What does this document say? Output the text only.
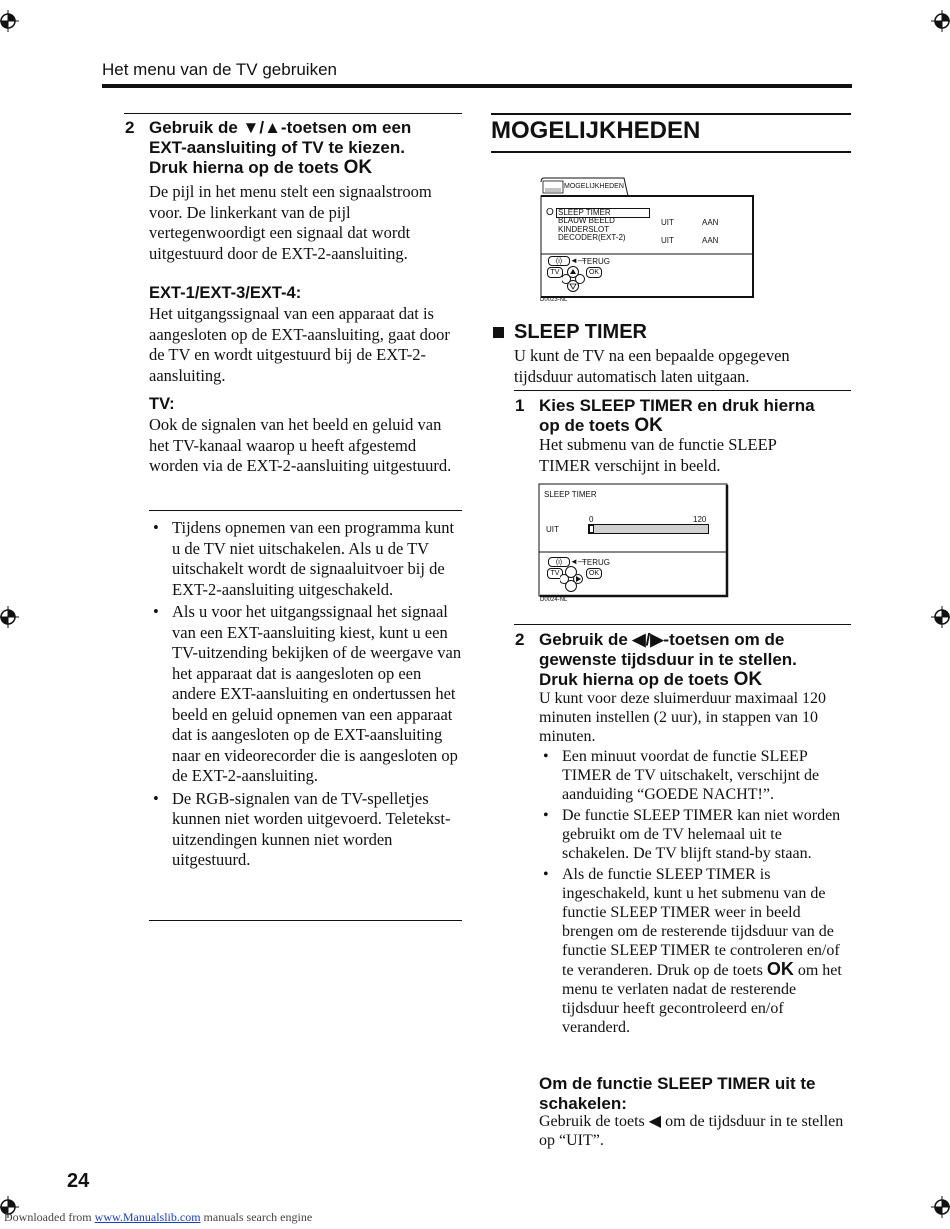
Het menu van de TV gebruiken
2 Gebruik de ▼/▲-toetsen om een
EXT-aansluiting of TV te kiezen.
Druk hierna op de toets OK
De pijl in het menu stelt een signaalstroom voor. De linkerkant van de pijl vertegenwoordigt een signaal dat wordt uitgestuurd door de EXT-2-aansluiting.
EXT-1/EXT-3/EXT-4:
Het uitgangssignaal van een apparaat dat is aangesloten op de EXT-aansluiting, gaat door de TV en wordt uitgestuurd bij de EXT-2-aansluiting.
TV:
Ook de signalen van het beeld en geluid van het TV-kanaal waarop u heeft afgestemd worden via de EXT-2-aansluiting uitgestuurd.
• Tijdens opnemen van een programma kunt u de TV niet uitschakelen. Als u de TV uitschakelt wordt de signaaluitvoer bij de EXT-2-aansluiting uitgeschakeld.
• Als u voor het uitgangssignaal het signaal van een EXT-aansluiting kiest, kunt u een TV-uitzending bekijken of de weergave van het apparaat dat is aangesloten op een andere EXT-aansluiting en ondertussen het beeld en geluid opnemen van een apparaat dat is aangesloten op de EXT-aansluiting naar en videorecorder die is aangesloten op de EXT-2-aansluiting.
• De RGB-signalen van de TV-spelletjes kunnen niet worden uitgevoerd. Teletekst-uitzendingen kunnen niet worden uitgestuurd.
MOGELIJKHEDEN
MOGELIJKHEDEN
O SLEEP TIMER
BLAUW BEELD
KINDERSLOT
DECODER(EXT-2)
UIT
UIT
AAN
AAN
(i) ◄—
TERUG
TV	OK
D0023-NL
SLEEP TIMER
U kunt de TV na een bepaalde opgegeven tijdsduur automatisch laten uitgaan.
1 Kies SLEEP TIMER en druk hierna
op de toets OK
Het submenu van de functie SLEEP TIMER verschijnt in beeld.
SLEEP TIMER
UIT
0	120
(i) ◄—
TERUG
TV	OK
D0024-NL
2 Gebruik de ◀/▶-toetsen om de
gewenste tijdsduur in te stellen.
Druk hierna op de toets OK
U kunt voor deze sluimerduur maximaal 120 minuten instellen (2 uur), in stappen van 10 minuten.
• Een minuut voordat de functie SLEEP TIMER de TV uitschakelt, verschijnt de aanduiding “GOEDE NACHT!”.
• De functie SLEEP TIMER kan niet worden gebruikt om de TV helemaal uit te schakelen. De TV blijft stand-by staan.
• Als de functie SLEEP TIMER is ingeschakeld, kunt u het submenu van de functie SLEEP TIMER weer in beeld brengen om de resterende tijdsduur van de functie SLEEP TIMER te controleren en/of te veranderen. Druk op de toets OK om het menu te verlaten nadat de resterende tijdsduur heeft gecontroleerd en/of veranderd.
Om de functie SLEEP TIMER uit te schakelen:
Gebruik de toets ◀ om de tijdsduur in te stellen op “UIT”.
24
Downloaded from www.Manualslib.com manuals search engine
